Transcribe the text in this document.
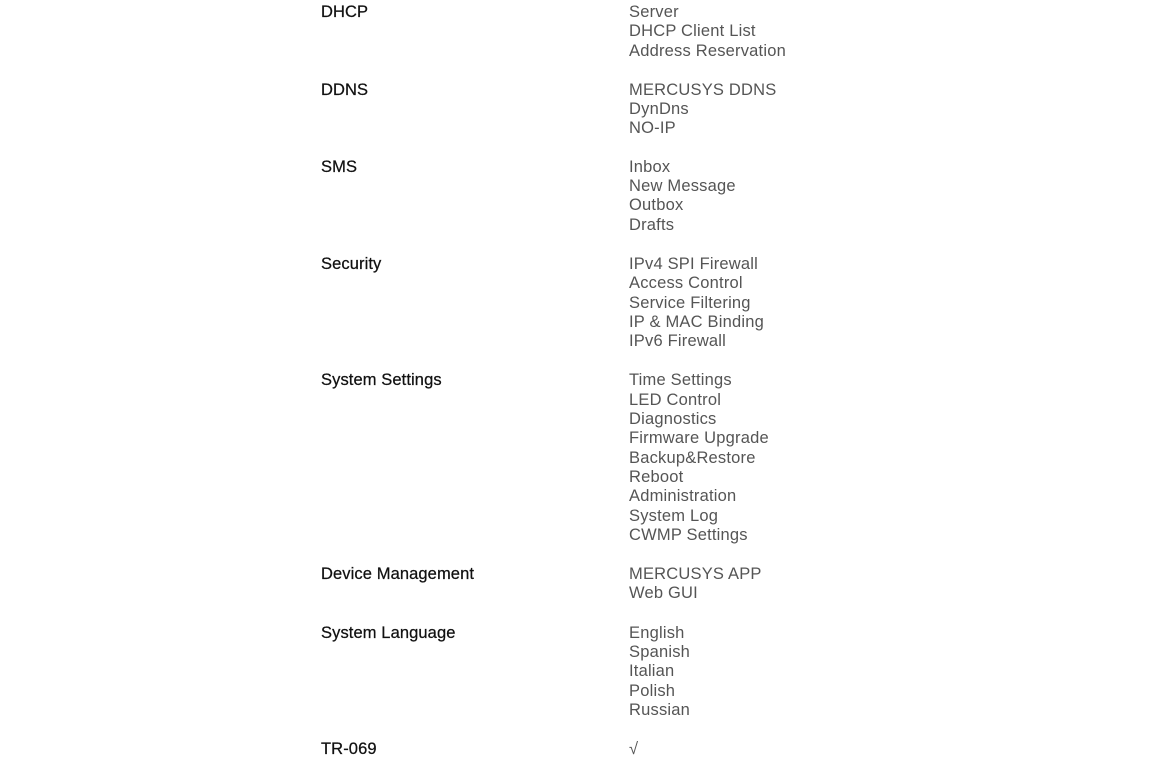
DHCP	Server
DHCP Client List
Address Reservation
DDNS	MERCUSYS DDNS
DynDns
NO-IP
SMS	Inbox
New Message
Outbox
Drafts
Security	IPv4 SPI Firewall
Access Control
Service Filtering
IP & MAC Binding
IPv6 Firewall
System Settings	Time Settings
LED Control
Diagnostics
Firmware Upgrade
Backup&Restore
Reboot
Administration
System Log
CWMP Settings
Device Management	MERCUSYS APP
Web GUI
System Language	English
Spanish
Italian
Polish
Russian
TR-069	√
